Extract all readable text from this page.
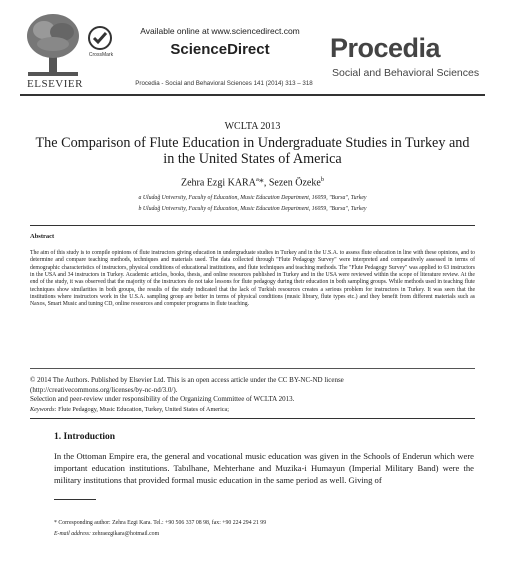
ELSEVIER
CrossMark
Available online at www.sciencedirect.com
ScienceDirect
Procedia - Social and Behavioral Sciences 141 (2014) 313 – 318
Procedia
Social and Behavioral Sciences
WCLTA 2013
The Comparison of Flute Education in Undergraduate Studies in Turkey and in the United States of America
Zehra Ezgi KARA$^a$*, Sezen Özeke$^b$
a Uludağ University, Faculty of Education, Music Education Department, 16059, "Bursa", Turkey
b Uludağ University, Faculty of Education, Music Education Department, 16059, "Bursa", Turkey
Abstract
The aim of this study is to compile opinions of flute instructors giving education in undergraduate studies in Turkey and in the U.S.A. to assess flute education in line with these opinions, and to determine and compare teaching methods, techniques and materials used. The data collected through "Flute Pedagogy Survey" were interpreted and comparatively assessed in terms of demographic characteristics of instructors, physical conditions of educational institutions, and flute techniques and teaching methods. The "Flute Pedagogy Survey" was applied to 63 instructors in the USA and 34 instructors in Turkey. Academic articles, books, thesis, and online resources published in Turkey and in the USA were reviewed within the scope of literature review. At the end of the study, it was observed that the majority of the instructors do not take lessons for flute pedagogy during their education in both sampling groups. While methods used in teaching flute techniques show similarities in both groups, the results of the study indicated that the lack of Turkish resources creates a serious problem for instructors in Turkey. It was seen that the institutions where instructors work in the U.S.A. sampling group are better in terms of physical conditions (music library, flute types etc.) and they benefit from different materials such as Naxos, Smart Music and tuning CD, online resources and computer programs in flute teaching.
© 2014 The Authors. Published by Elsevier Ltd. This is an open access article under the CC BY-NC-ND license
(http://creativecommons.org/licenses/by-nc-nd/3.0/).
Selection and peer-review under responsibility of the Organizing Committee of WCLTA 2013.
Keywords: Flute Pedagogy, Music Education, Turkey, United States of America;
1. Introduction
In the Ottoman Empire era, the general and vocational music education was given in the Schools of Enderun which were important education institutions. Tabılhane, Mehterhane and Muzika-i Humayun (Imperial Military Band) were the military institutions that provided formal music education in the same period as well. Giving of
* Corresponding author: Zehra Ezgi Kara. Tel.: +90 506 337 08 98, fax: +90 224 294 21 99
E-mail address: zehraezgikara@hotmail.com
